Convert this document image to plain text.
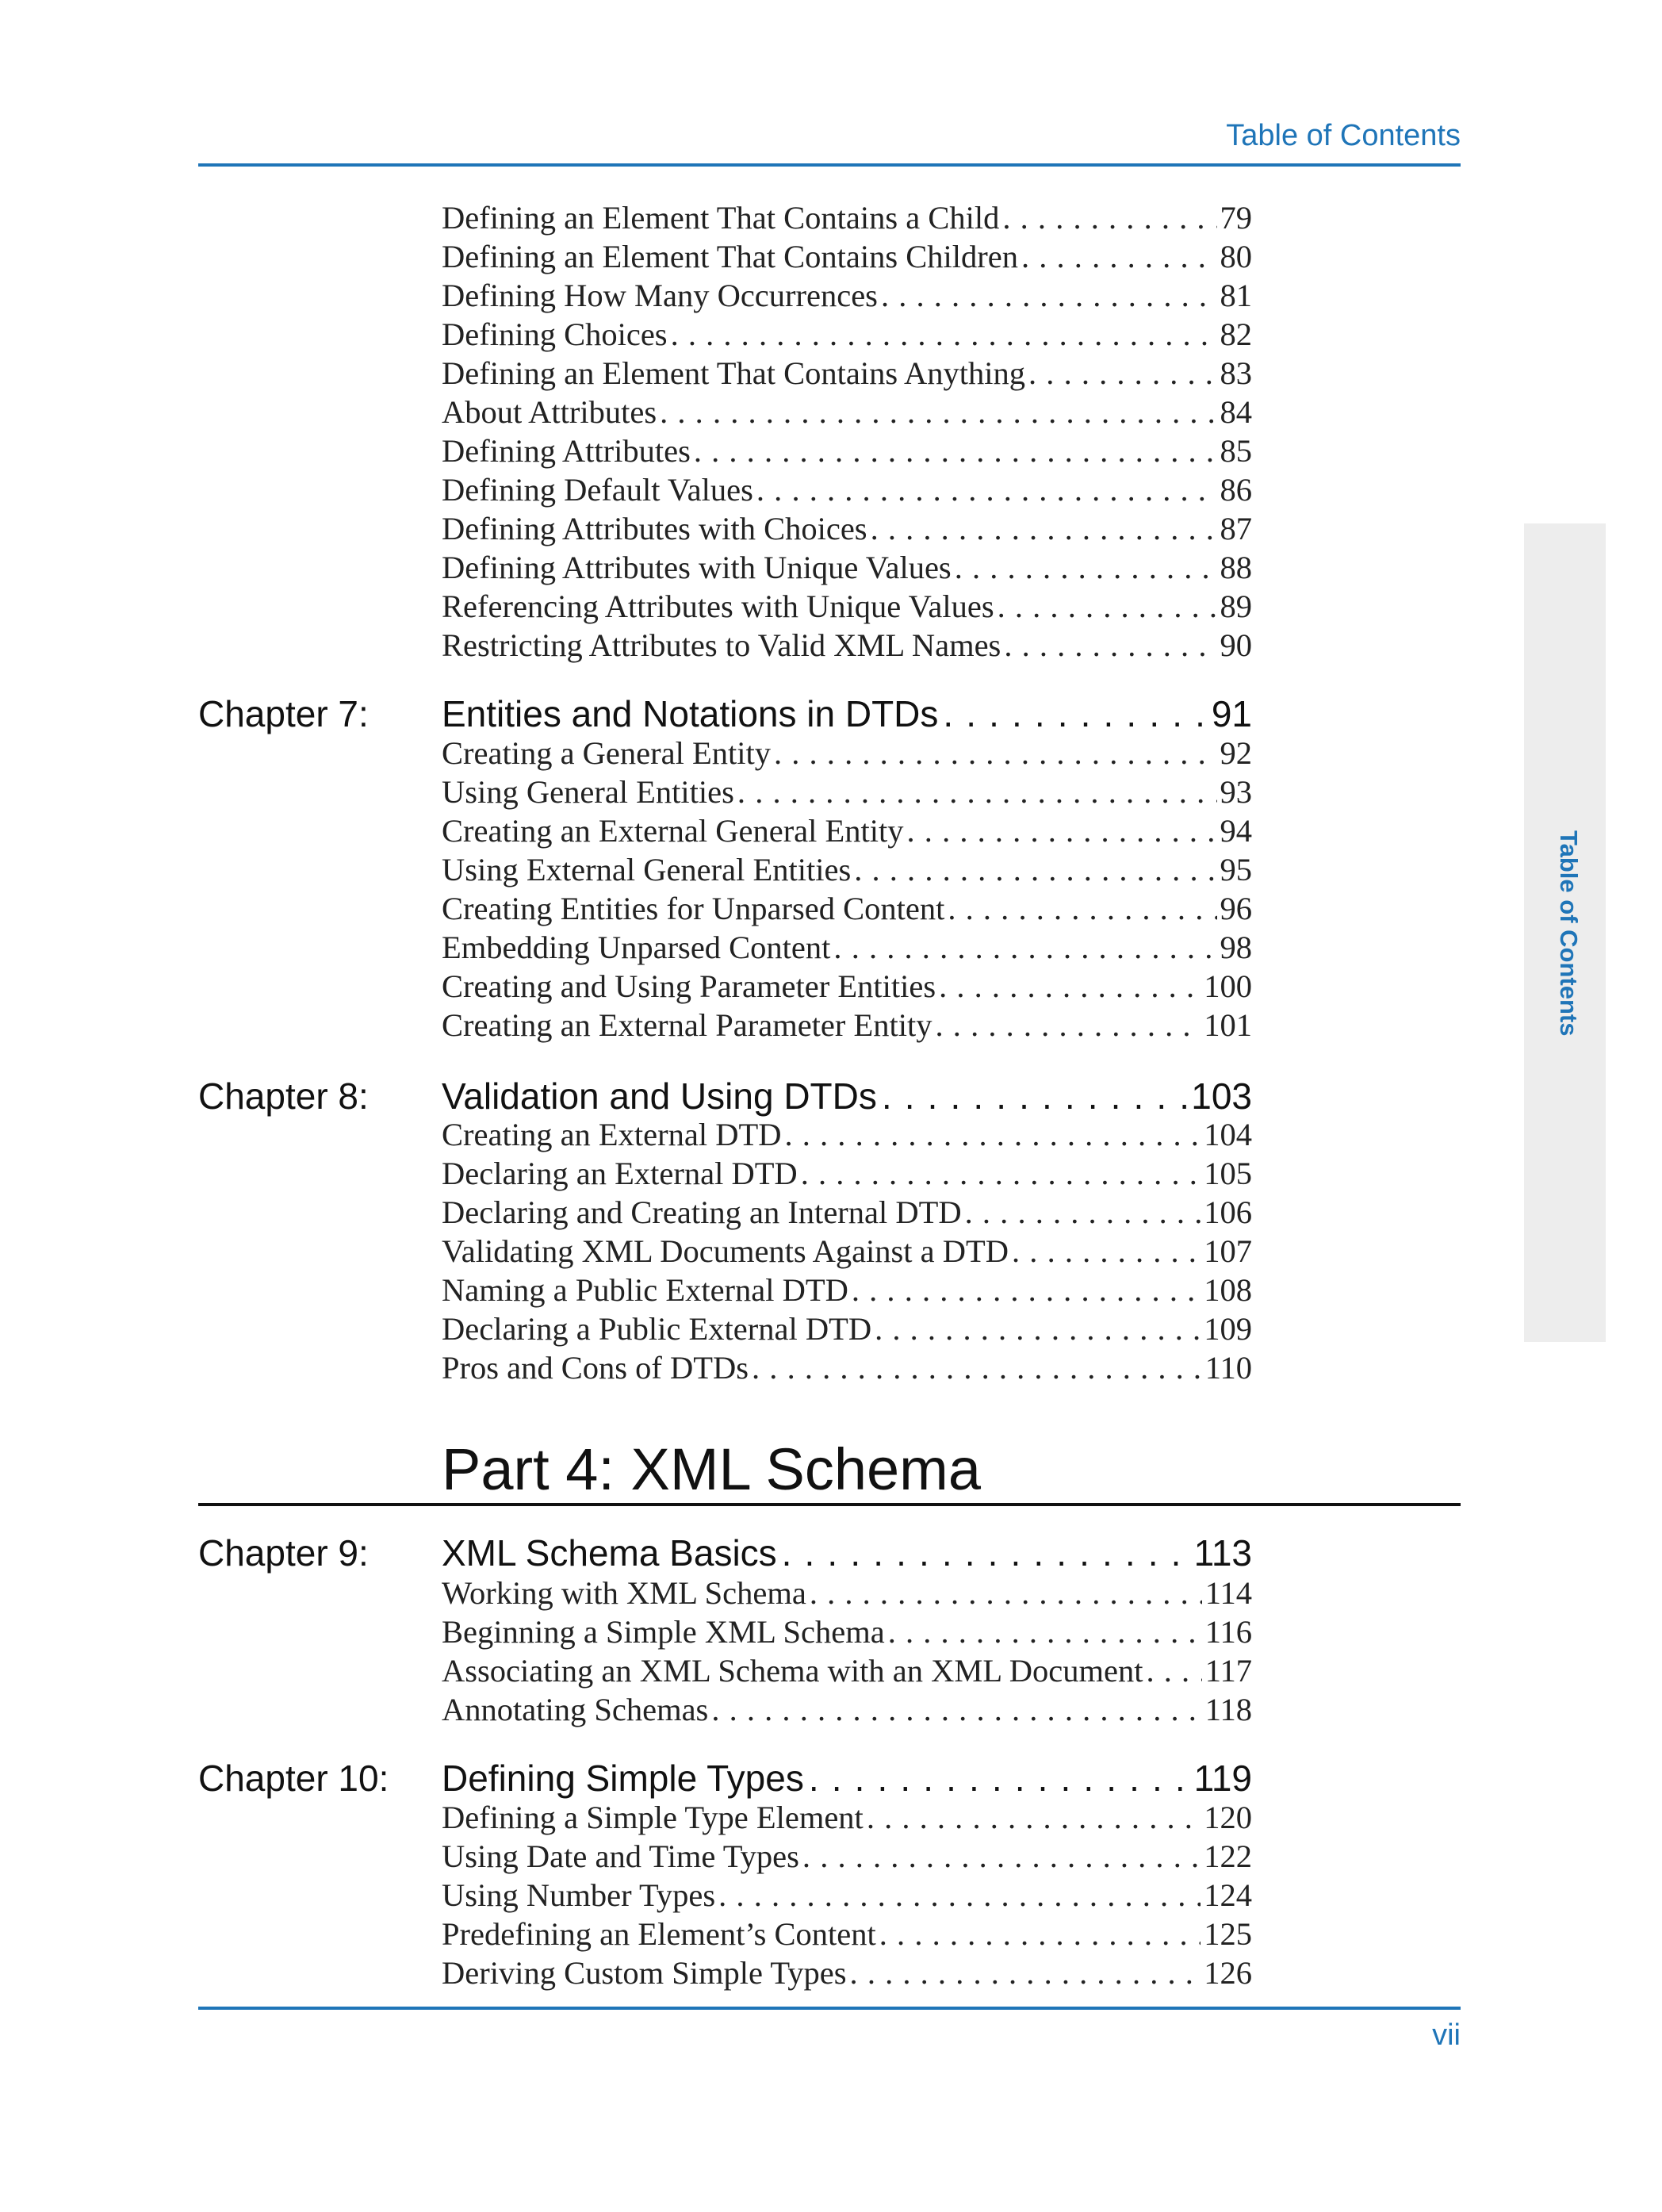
Table of Contents
Table of Contents
Defining an Element That Contains a Child .....	79
Defining an Element That Contains Children .....	80
Defining How Many Occurrences .....	81
Defining Choices .....	82
Defining an Element That Contains Anything .....	83
About Attributes .....	84
Defining Attributes .....	85
Defining Default Values .....	86
Defining Attributes with Choices .....	87
Defining Attributes with Unique Values .....	88
Referencing Attributes with Unique Values .....	89
Restricting Attributes to Valid XML Names .....	90
Chapter 7: Entities and Notations in DTDs .....	91
Creating a General Entity .....	92
Using General Entities .....	93
Creating an External General Entity .....	94
Using External General Entities .....	95
Creating Entities for Unparsed Content .....	96
Embedding Unparsed Content .....	98
Creating and Using Parameter Entities .....	100
Creating an External Parameter Entity .....	101
Chapter 8: Validation and Using DTDs .....	103
Creating an External DTD .....	104
Declaring an External DTD .....	105
Declaring and Creating an Internal DTD .....	106
Validating XML Documents Against a DTD .....	107
Naming a Public External DTD .....	108
Declaring a Public External DTD .....	109
Pros and Cons of DTDs .....	110
Part 4: XML Schema
Chapter 9: XML Schema Basics .....	113
Working with XML Schema .....	114
Beginning a Simple XML Schema .....	116
Associating an XML Schema with an XML Document ..... 117
Annotating Schemas .....	118
Chapter 10: Defining Simple Types .....	119
Defining a Simple Type Element .....	120
Using Date and Time Types .....	122
Using Number Types .....	124
Predefining an Element’s Content .....	125
Deriving Custom Simple Types .....	126
vii
